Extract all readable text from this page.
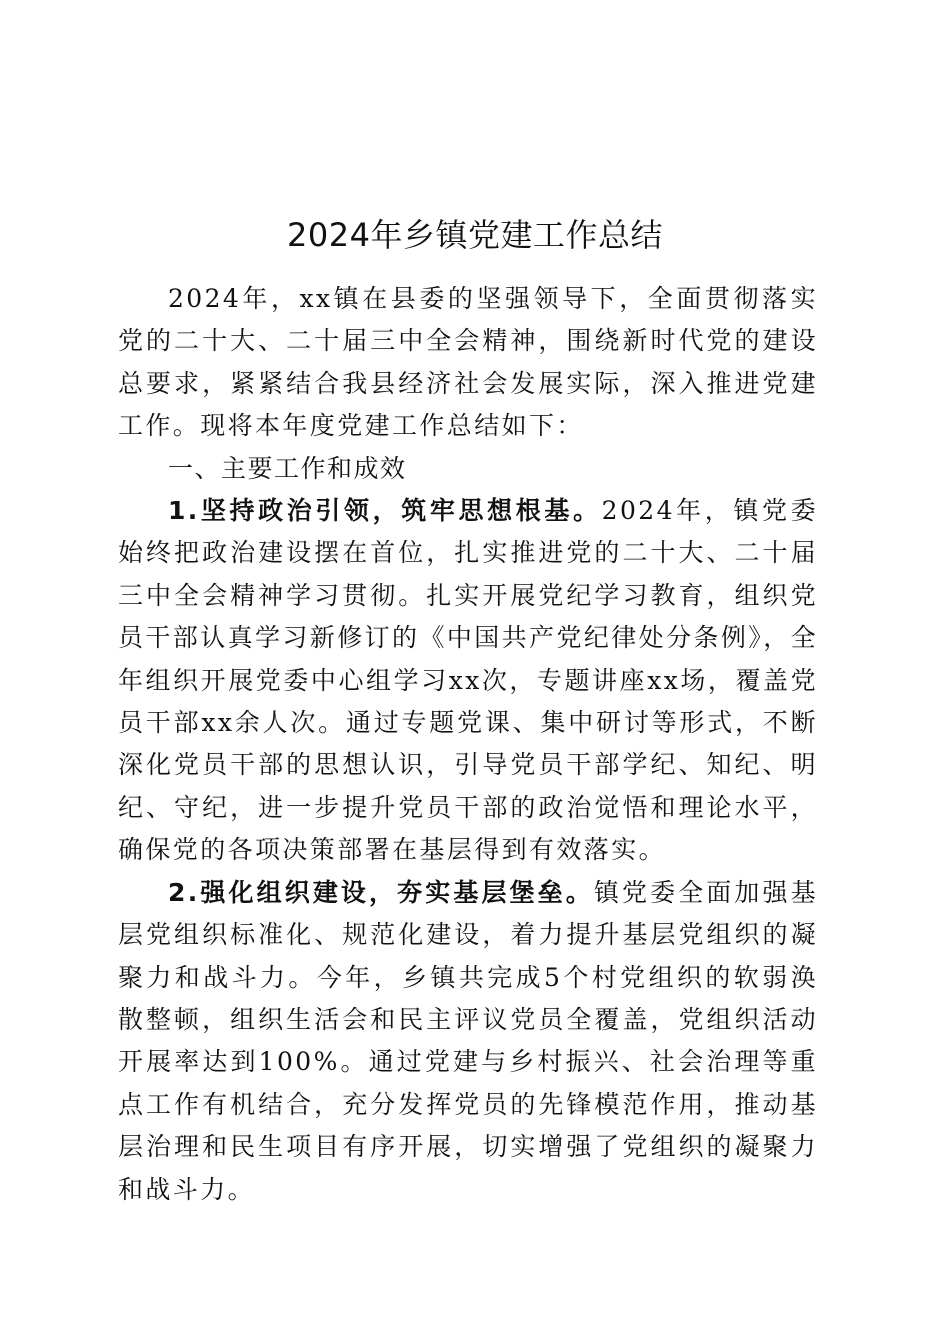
2024年乡镇党建工作总结

2024年，xx镇在县委的坚强领导下，全面贯彻落实党的二十大、二十届三中全会精神，围绕新时代党的建设总要求，紧紧结合我县经济社会发展实际，深入推进党建工作。现将本年度党建工作总结如下：

一、主要工作和成效

1.坚持政治引领，筑牢思想根基。2024年，镇党委始终把政治建设摆在首位，扎实推进党的二十大、二十届三中全会精神学习贯彻。扎实开展党纪学习教育，组织党员干部认真学习新修订的《中国共产党纪律处分条例》，全年组织开展党委中心组学习xx次，专题讲座xx场，覆盖党员干部xx余人次。通过专题党课、集中研讨等形式，不断深化党员干部的思想认识，引导党员干部学纪、知纪、明纪、守纪，进一步提升党员干部的政治觉悟和理论水平，确保党的各项决策部署在基层得到有效落实。

2.强化组织建设，夯实基层堡垒。镇党委全面加强基层党组织标准化、规范化建设，着力提升基层党组织的凝聚力和战斗力。今年，乡镇共完成5个村党组织的软弱涣散整顿，组织生活会和民主评议党员全覆盖，党组织活动开展率达到100%。通过党建与乡村振兴、社会治理等重点工作有机结合，充分发挥党员的先锋模范作用，推动基层治理和民生项目有序开展，切实增强了党组织的凝聚力和战斗力。
